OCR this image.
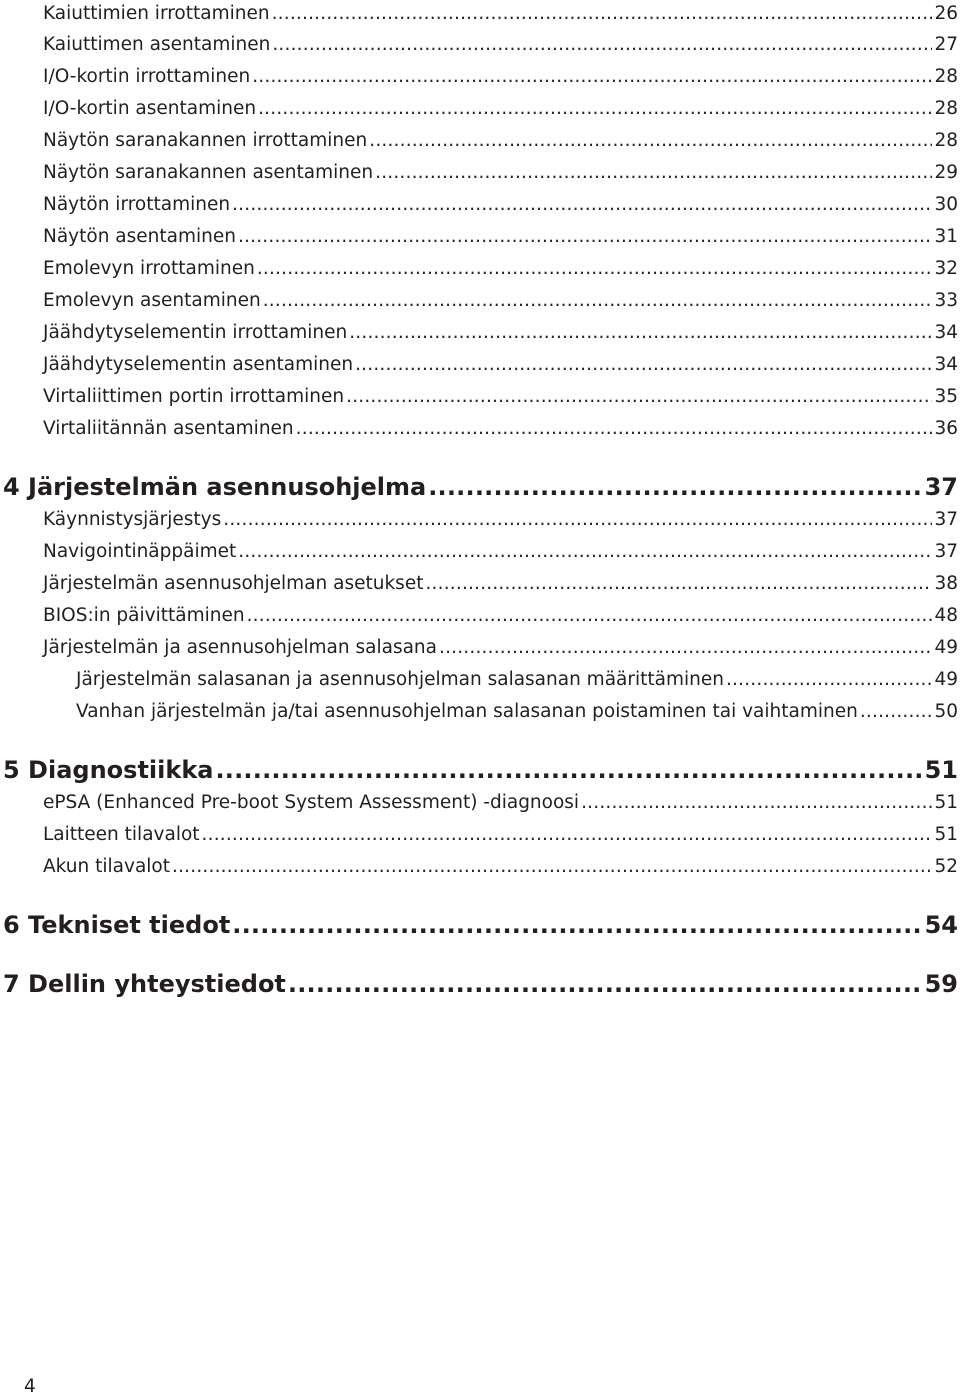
Kaiuttimien irrottaminen .....	26
Kaiuttimen asentaminen .....	27
I/O-kortin irrottaminen .....	28
I/O-kortin asentaminen .....	28
Näytön saranakannen irrottaminen .....	28
Näytön saranakannen asentaminen .....	29
Näytön irrottaminen .....	30
Näytön asentaminen .....	31
Emolevyn irrottaminen .....	32
Emolevyn asentaminen .....	33
Jäähdytyselementin irrottaminen .....	34
Jäähdytyselementin asentaminen .....	34
Virtaliittimen portin irrottaminen .....	35
Virtaliitännän asentaminen .....	36
4 Järjestelmän asennusohjelma .....	37
Käynnistysjärjestys .....	37
Navigointinäppäimet .....	37
Järjestelmän asennusohjelman asetukset .....	38
BIOS:in päivittäminen .....	48
Järjestelmän ja asennusohjelman salasana .....	49
Järjestelmän salasanan ja asennusohjelman salasanan määrittäminen .....	49
Vanhan järjestelmän ja/tai asennusohjelman salasanan poistaminen tai vaihtaminen .....	50
5 Diagnostiikka .....	51
ePSA (Enhanced Pre-boot System Assessment) -diagnoosi .....	51
Laitteen tilavalot .....	51
Akun tilavalot .....	52
6 Tekniset tiedot .....	54
7 Dellin yhteystiedot .....	59
4
